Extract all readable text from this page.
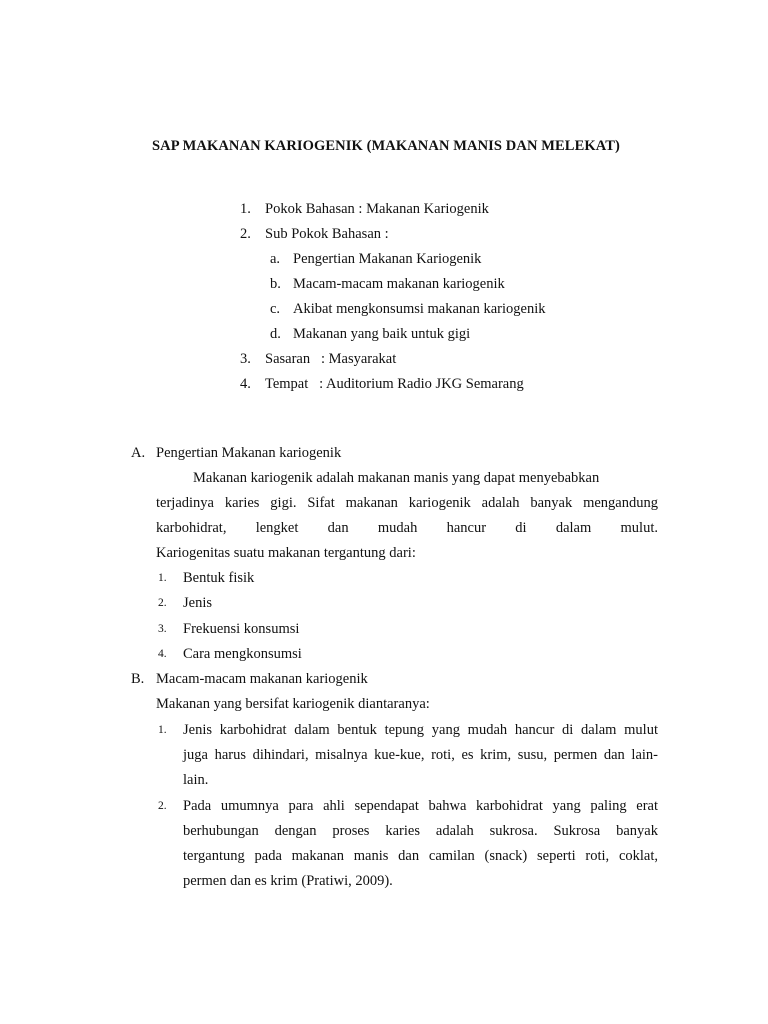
SAP MAKANAN KARIOGENIK (MAKANAN MANIS DAN MELEKAT)
1. Pokok Bahasan : Makanan Kariogenik
2. Sub Pokok Bahasan :
a. Pengertian Makanan Kariogenik
b. Macam-macam makanan kariogenik
c. Akibat mengkonsumsi makanan kariogenik
d. Makanan yang baik untuk gigi
3. Sasaran   : Masyarakat
4. Tempat   : Auditorium Radio JKG Semarang
A. Pengertian Makanan kariogenik
Makanan kariogenik adalah makanan manis yang dapat menyebabkan
terjadinya karies gigi. Sifat makanan kariogenik adalah banyak mengandung
karbohidrat, lengket dan mudah hancur di dalam mulut.
Kariogenitas suatu makanan tergantung dari:
1. Bentuk fisik
2. Jenis
3. Frekuensi konsumsi
4. Cara mengkonsumsi
B. Macam-macam makanan kariogenik
Makanan yang bersifat kariogenik diantaranya:
1. Jenis karbohidrat dalam bentuk tepung yang mudah hancur di dalam mulut
juga harus dihindari, misalnya kue-kue, roti, es krim, susu, permen dan lain-
lain.
2. Pada umumnya para ahli sependapat bahwa karbohidrat yang paling erat
berhubungan dengan proses karies adalah sukrosa. Sukrosa banyak
tergantung pada makanan manis dan camilan (snack) seperti roti, coklat,
permen dan es krim (Pratiwi, 2009).
